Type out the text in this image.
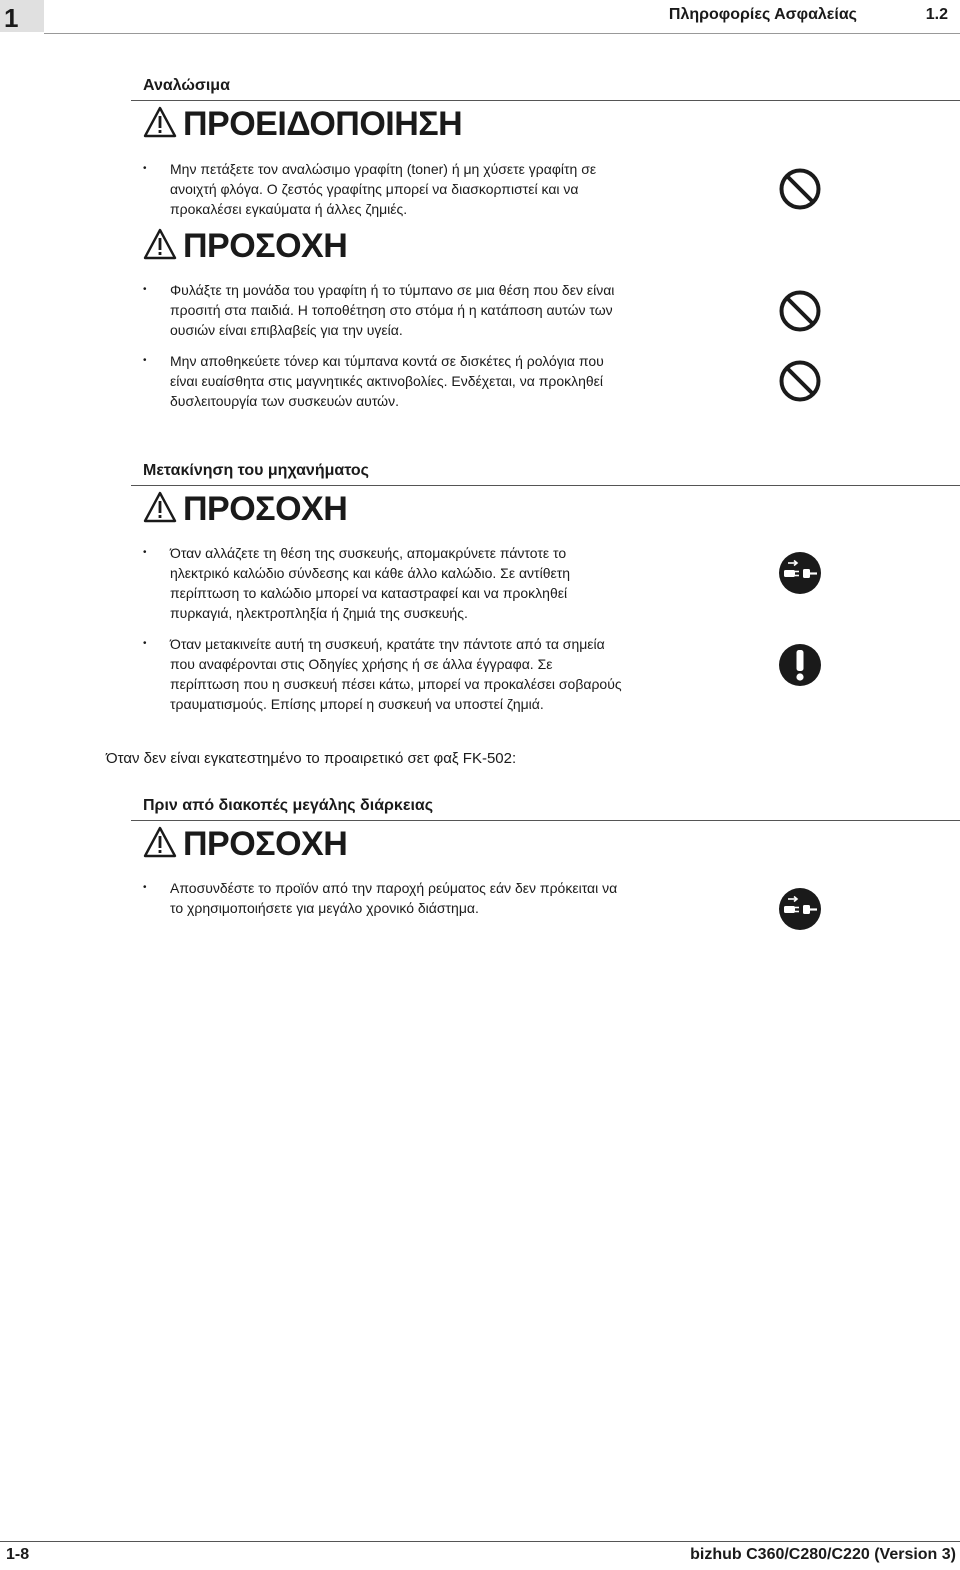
1	Πληροφορίες Ασφαλείας	1.2
Αναλώσιμα
ΠΡΟΕΙΔΟΠΟΙΗΣΗ
• Μην πετάξετε τον αναλώσιμο γραφίτη (toner) ή μη χύσετε γραφίτη σε
ανοιχτή φλόγα. Ο ζεστός γραφίτης μπορεί να διασκορπιστεί και να
προκαλέσει εγκαύματα ή άλλες ζημιές.
ΠΡΟΣΟΧΗ
• Φυλάξτε τη μονάδα του γραφίτη ή το τύμπανο σε μια θέση που δεν είναι
προσιτή στα παιδιά. Η τοποθέτηση στο στόμα ή η κατάποση αυτών των
ουσιών είναι επιβλαβείς για την υγεία.
• Μην αποθηκεύετε τόνερ και τύμπανα κοντά σε δισκέτες ή ρολόγια που
είναι ευαίσθητα στις μαγνητικές ακτινοβολίες. Ενδέχεται, να προκληθεί
δυσλειτουργία των συσκευών αυτών.
Μετακίνηση του μηχανήματος
ΠΡΟΣΟΧΗ
• Όταν αλλάζετε τη θέση της συσκευής, απομακρύνετε πάντοτε το
ηλεκτρικό καλώδιο σύνδεσης και κάθε άλλο καλώδιο. Σε αντίθετη
περίπτωση το καλώδιο μπορεί να καταστραφεί και να προκληθεί
πυρκαγιά, ηλεκτροπληξία ή ζημιά της συσκευής.
• Όταν μετακινείτε αυτή τη συσκευή, κρατάτε την πάντοτε από τα σημεία
που αναφέρονται στις Οδηγίες χρήσης ή σε άλλα έγγραφα. Σε
περίπτωση που η συσκευή πέσει κάτω, μπορεί να προκαλέσει σοβαρούς
τραυματισμούς. Επίσης μπορεί η συσκευή να υποστεί ζημιά.
Όταν δεν είναι εγκατεστημένο το προαιρετικό σετ φαξ FK-502:
Πριν από διακοπές μεγάλης διάρκειας
ΠΡΟΣΟΧΗ
• Αποσυνδέστε το προϊόν από την παροχή ρεύματος εάν δεν πρόκειται να
το χρησιμοποιήσετε για μεγάλο χρονικό διάστημα.
1-8	bizhub C360/C280/C220 (Version 3)
